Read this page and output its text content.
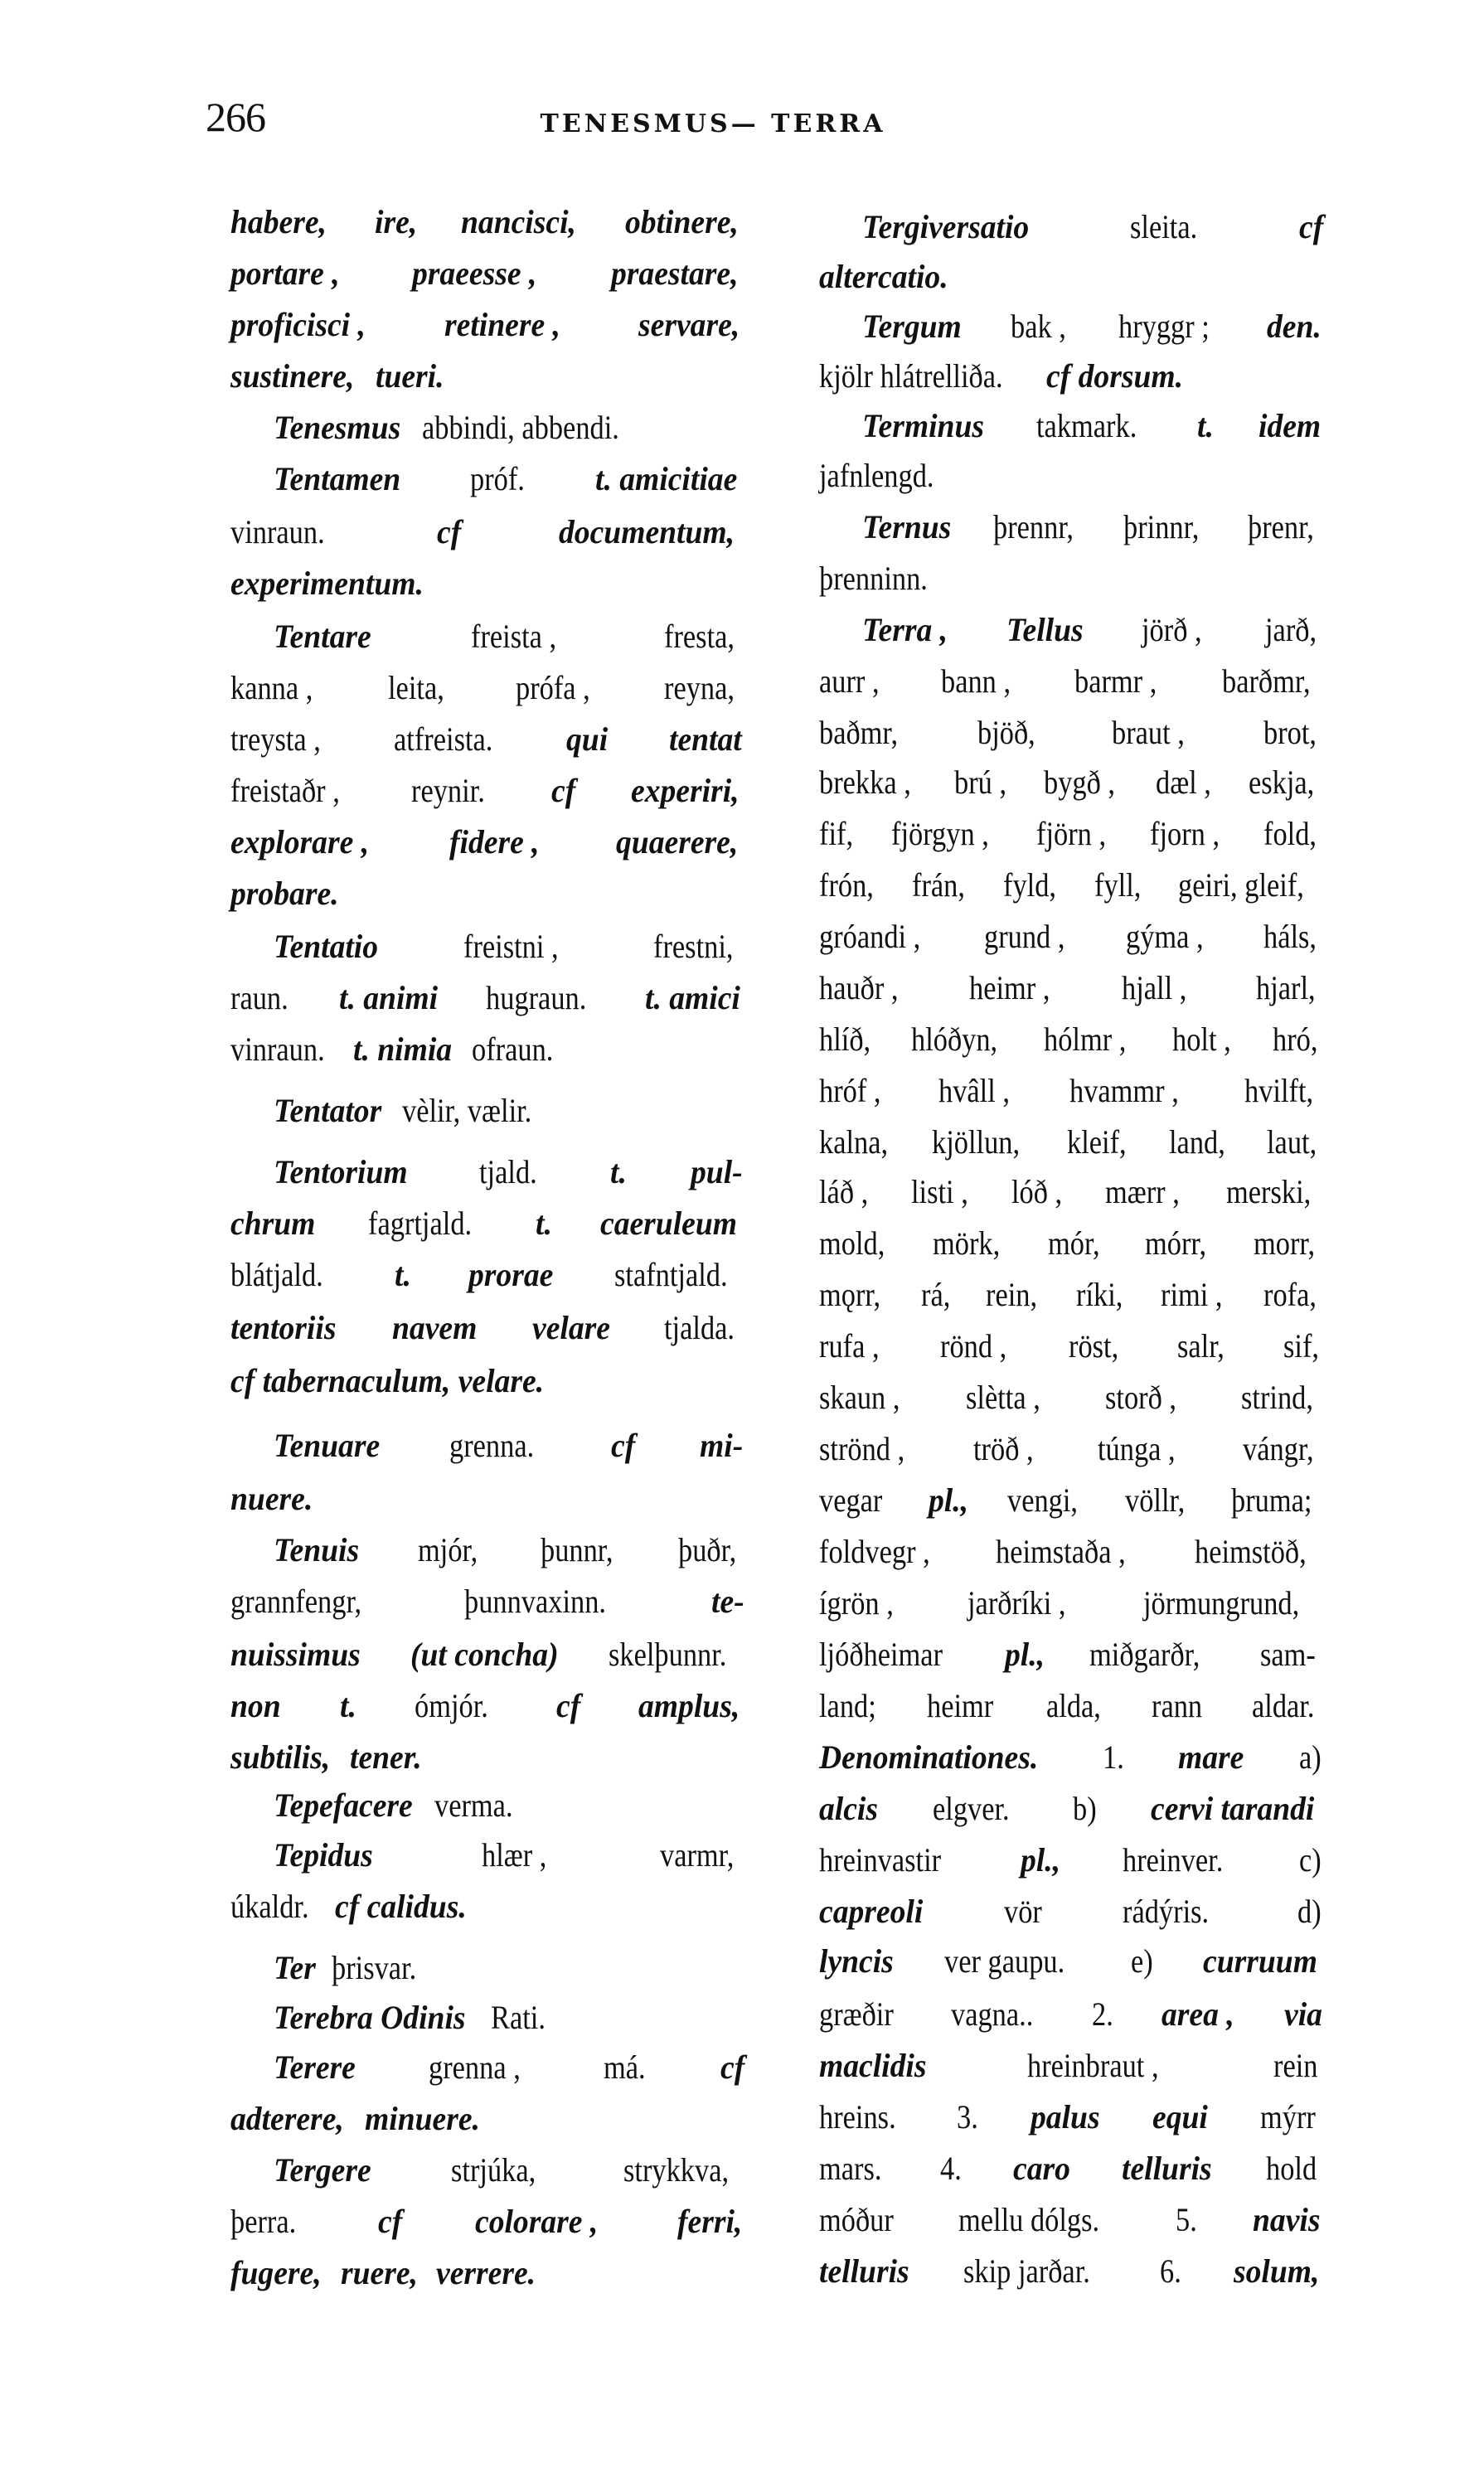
266	TENESMUS— TERRA
habere, ire, nancisci, obtinere,
portare , praeesse , praestare,
proficisci , retinere , servare,
sustinere, tueri.
Tenesmus abbindi, abbendi.
Tentamen próf. t. amicitiae
vinraun.	cf	documentum,
experimentum.
Tentare	freista ,	fresta,
kanna , leita, prófa , reyna,
treysta , atfreista. qui tentat
freistaðr , reynir. cf experiri,
explorare , fidere , quaerere,
probare.
Tentatio	freistni ,	frestni,
raun. t. animi hugraun. t. amici
vinraun. t. nimia ofraun.
Tentator vèlir, vælir.
Tentorium tjald. t. pul-
chrum fagrtjald. t. caeruleum
blátjald. t. prorae stafntjald.
tentoriis navem velare tjalda.
cf tabernaculum, velare.
Tenuare grenna. cf mi-
nuere.
Tenuis mjór, þunnr, þuðr,
grannfengr,	þunnvaxinn.	te-
nuissimus (ut concha) skelþunnr.
non t. ómjór. cf amplus,
subtilis, tener.
Tepefacere verma.
Tepidus	hlær ,	varmr,
úkaldr. cf calidus.
Ter þrisvar.
Terebra Odinis Rati.
Terere grenna ,	má. cf
adterere, minuere.
Tergere strjúka,	strykkva,
þerra. cf colorare , ferri,
fugere, ruere, verrere.
Tergiversatio	sleita.	cf
altercatio.
Tergum bak , hryggr ; den.
kjölr hlátrelliða. cf dorsum.
Terminus takmark. t. idem
jafnlengd.
Ternus þrennr, þrinnr, þrenr,
þrenninn.
Terra , Tellus jörð , jarð,
aurr , bann , barmr , barðmr,
baðmr, bjöð, braut , brot,
brekka , brú , bygð , dæl , eskja,
fif, fjörgyn , fjörn , fjorn , fold,
frón, frán, fyld, fyll, geiri, gleif,
gróandi , grund , gýma , háls,
hauðr , heimr , hjall , hjarl,
hlíð, hlóðyn, hólmr , holt , hró,
hróf , hvâll , hvammr , hvilft,
kalna, kjöllun, kleif, land, laut,
láð , listi , lóð , mærr , merski,
mold, mörk, mór, mórr, morr,
mǫrr, rá, rein, ríki, rimi , rofa,
rufa , rönd , röst, salr, sif,
skaun , slètta , storð , strind,
strönd , tröð , túnga , vángr,
vegar pl., vengi, völlr, þruma;
foldvegr , heimstaða , heimstöð,
ígrön , jarðríki , jörmungrund,
ljóðheimar pl., miðgarðr, sam-
land; heimr alda, rann aldar.
Denominationes. 1. mare a)
alcis elgver. b) cervi tarandi
hreinvastir pl., hreinver. c)
capreoli vör rádýris.	d)
lyncis ver gaupu. e) curruum
græðir vagna.. 2. area , via
maclidis	hreinbraut ,	rein
hreins. 3. palus equi mýrr
mars. 4. caro telluris hold
móður mellu dólgs. 5. navis
telluris skip jarðar. 6. solum,
